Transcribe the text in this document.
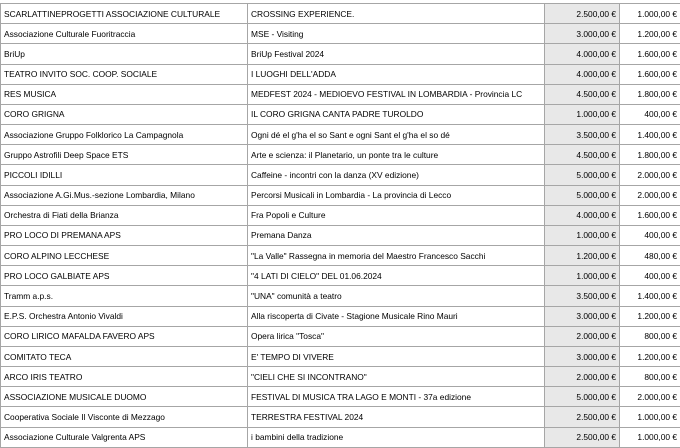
SCARLATTINEPROGETTI ASSOCIAZIONE CULTURALE	CROSSING EXPERIENCE.	2.500,00 €	1.000,00 €
Associazione Culturale Fuoritraccia	MSE - Visiting	3.000,00 €	1.200,00 €
BriUp	BriUp Festival 2024	4.000,00 €	1.600,00 €
TEATRO INVITO SOC. COOP. SOCIALE	I LUOGHI DELL'ADDA	4.000,00 €	1.600,00 €
RES MUSICA	MEDFEST 2024 - MEDIOEVO FESTIVAL IN LOMBARDIA - Provincia LC	4.500,00 €	1.800,00 €
CORO GRIGNA	IL CORO GRIGNA CANTA PADRE TUROLDO	1.000,00 €	400,00 €
Associazione Gruppo Folklorico La Campagnola	Ogni dé el g'ha el so Sant e ogni Sant el g'ha el so dé	3.500,00 €	1.400,00 €
Gruppo Astrofili Deep Space ETS	Arte e scienza: il Planetario, un ponte tra le culture	4.500,00 €	1.800,00 €
PICCOLI IDILLI	Caffeine - incontri con la danza (XV edizione)	5.000,00 €	2.000,00 €
Associazione A.Gi.Mus.-sezione Lombardia, Milano	Percorsi Musicali in Lombardia - La provincia di Lecco	5.000,00 €	2.000,00 €
Orchestra di Fiati della Brianza	Fra Popoli e Culture	4.000,00 €	1.600,00 €
PRO LOCO DI PREMANA APS	Premana Danza	1.000,00 €	400,00 €
CORO ALPINO LECCHESE	"La Valle" Rassegna in memoria del Maestro Francesco Sacchi	1.200,00 €	480,00 €
PRO LOCO GALBIATE APS	"4 LATI DI CIELO" DEL 01.06.2024	1.000,00 €	400,00 €
Tramm a.p.s.	"UNA" comunità a teatro	3.500,00 €	1.400,00 €
E.P.S. Orchestra Antonio Vivaldi	Alla riscoperta di Civate - Stagione Musicale Rino Mauri	3.000,00 €	1.200,00 €
CORO LIRICO MAFALDA FAVERO APS	Opera lirica "Tosca"	2.000,00 €	800,00 €
COMITATO TECA	E' TEMPO DI VIVERE	3.000,00 €	1.200,00 €
ARCO IRIS TEATRO	"CIELI CHE SI INCONTRANO"	2.000,00 €	800,00 €
ASSOCIAZIONE MUSICALE DUOMO	FESTIVAL DI MUSICA TRA LAGO E MONTI - 37a edizione	5.000,00 €	2.000,00 €
Cooperativa Sociale Il Visconte di Mezzago	TERRESTRA FESTIVAL 2024	2.500,00 €	1.000,00 €
Associazione Culturale Valgrenta APS	i bambini della tradizione	2.500,00 €	1.000,00 €
